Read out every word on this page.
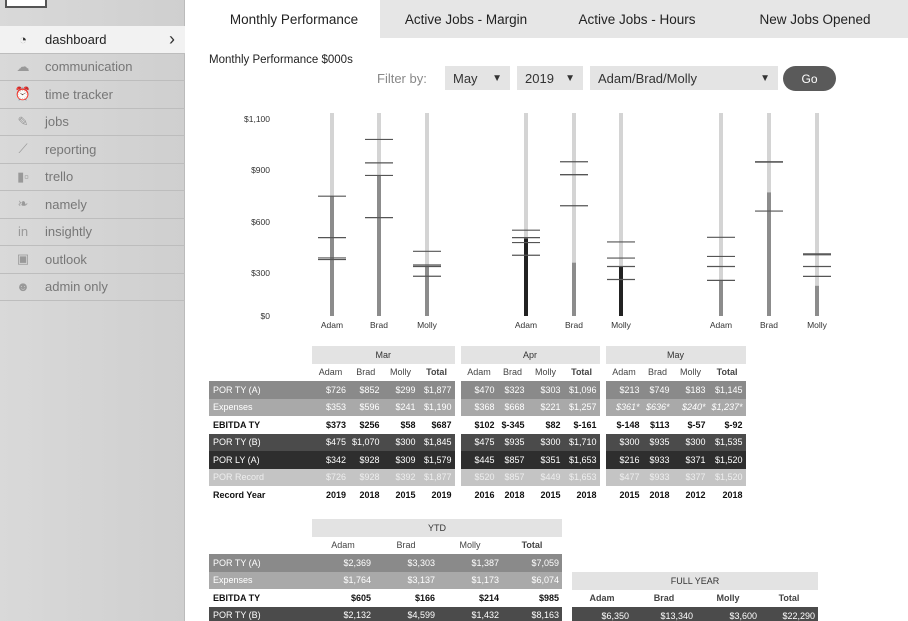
◔	dashboard	›
☁	communication
⏰ time tracker
✎	jobs
⟋	reporting
▮▫	trello
❧	namely
in	insightly
▣	outlook
☻	admin only
Monthly Performance	Active Jobs - Margin	Active Jobs - Hours	New Jobs Opened
Monthly Performance $000s
Filter by: May ▼ 2019 ▼ Adam/Brad/Molly	▼	Go
$1,100
$900
$600
$300
$0
Adam	Brad	Molly	Adam	Brad	Molly	Adam	Brad	Molly
	Mar					Apr					May			
	Adam	Brad	Molly	Total		Adam	Brad	Molly	Total		Adam	Brad	Molly	Total
POR TY (A)	$726	$852	$299	$1,877		$470	$323	$303	$1,096		$213	$749	$183	$1,145
Expenses	$353	$596	$241	$1,190		$368	$668	$221	$1,257		$361*	$636*	$240*	$1,237*
EBITDA TY	$373	$256	$58	$687		$102	$-345	$82	$-161		$-148	$113	$-57	$-92
POR TY (B)	$475	$1,070	$300	$1,845		$475	$935	$300	$1,710		$300	$935	$300	$1,535
POR LY (A)	$342	$928	$309	$1,579		$445	$857	$351	$1,653		$216	$933	$371	$1,520
POR Record	$726	$928	$392	$1,877		$520	$857	$449	$1,653		$477	$933	$377	$1,520
Record Year	2019	2018	2015	2019		2016	2018	2015	2018		2015	2018	2012	2018
	YTD			
	Adam	Brad	Molly	Total
POR TY (A)	$2,369	$3,303	$1,387	$7,059
Expenses	$1,764	$3,137	$1,173	$6,074
EBITDA TY	$605	$166	$214	$985
POR TY (B)	$2,132	$4,599	$1,432	$8,163
FULL YEAR			
Adam	Brad	Molly	Total
$6,350	$13,340	$3,600	$22,290
